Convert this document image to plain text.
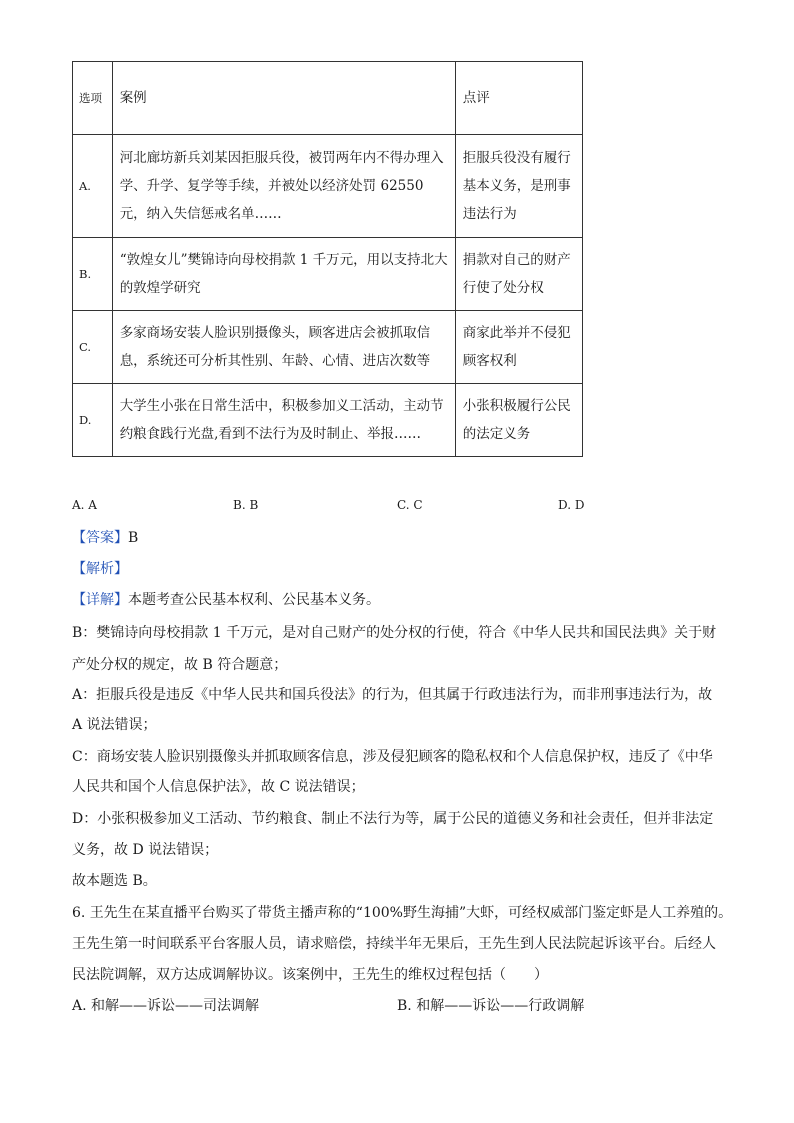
选项	案例	点评
A.	河北廊坊新兵刘某因拒服兵役，被罚两年内不得办理入学、升学、复学等手续，并被处以经济处罚 62550 元，纳入失信惩戒名单……	拒服兵役没有履行基本义务，是刑事违法行为
B.	“敦煌女儿”樊锦诗向母校捐款 1 千万元，用以支持北大的敦煌学研究	捐款对自己的财产行使了处分权
C.	多家商场安装人脸识别摄像头，顾客进店会被抓取信息，系统还可分析其性别、年龄、心情、进店次数等	商家此举并不侵犯顾客权利
D.	大学生小张在日常生活中，积极参加义工活动，主动节约粮食践行光盘,看到不法行为及时制止、举报……	小张积极履行公民的法定义务
A. A	B. B	C. C	D. D
【答案】B
【解析】
【详解】本题考查公民基本权利、公民基本义务。
B：樊锦诗向母校捐款 1 千万元，是对自己财产的处分权的行使，符合《中华人民共和国民法典》关于财
产处分权的规定，故 B 符合题意；
A：拒服兵役是违反《中华人民共和国兵役法》的行为，但其属于行政违法行为，而非刑事违法行为，故
A 说法错误；
C：商场安装人脸识别摄像头并抓取顾客信息，涉及侵犯顾客的隐私权和个人信息保护权，违反了《中华
人民共和国个人信息保护法》，故 C 说法错误；
D：小张积极参加义工活动、节约粮食、制止不法行为等，属于公民的道德义务和社会责任，但并非法定
义务，故 D 说法错误；
故本题选 B。
6. 王先生在某直播平台购买了带货主播声称的“100%野生海捕”大虾，可经权威部门鉴定虾是人工养殖的。
王先生第一时间联系平台客服人员，请求赔偿，持续半年无果后，王先生到人民法院起诉该平台。后经人
民法院调解，双方达成调解协议。该案例中，王先生的维权过程包括（　　）
A. 和解——诉讼——司法调解	B. 和解——诉讼——行政调解
